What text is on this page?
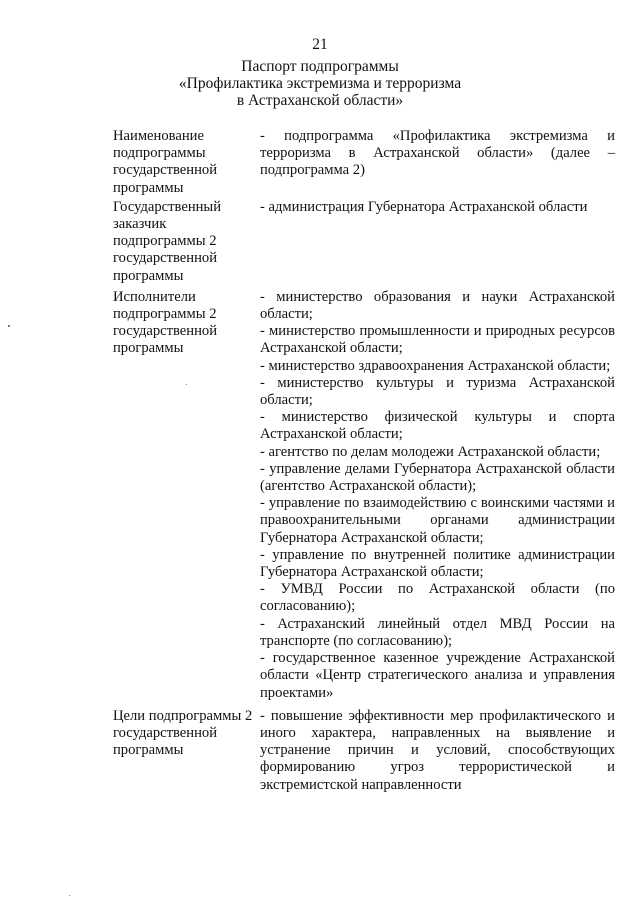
21
Паспорт подпрограммы
«Профилактика экстремизма и терроризма
в Астраханской области»
Наименование подпрограммы государственной программы
- подпрограмма «Профилактика экстремизма и терроризма в Астраханской области» (далее – подпрограмма 2)
Государственный заказчик подпрограммы 2 государственной программы
- администрация Губернатора Астраханской области
Исполнители подпрограммы 2 государственной программы
- министерство образования и науки Астраханской области;
- министерство промышленности и природных ресурсов Астраханской области;
- министерство здравоохранения Астраханской области;
- министерство культуры и туризма Астраханской области;
- министерство физической культуры и спорта Астраханской области;
- агентство по делам молодежи Астраханской области;
- управление делами Губернатора Астраханской области (агентство Астраханской области);
- управление по взаимодействию с воинскими частями и правоохранительными органами администрации Губернатора Астраханской области;
- управление по внутренней политике администрации Губернатора Астраханской области;
- УМВД России по Астраханской области (по согласованию);
- Астраханский линейный отдел МВД России на транспорте (по согласованию);
- государственное казенное учреждение Астраханской области «Центр стратегического анализа и управления проектами»
Цели подпрограммы 2 государственной программы
- повышение эффективности мер профилактического и иного характера, направленных на выявление и устранение причин и условий, способствующих формированию угроз террористической и экстремистской направленности
